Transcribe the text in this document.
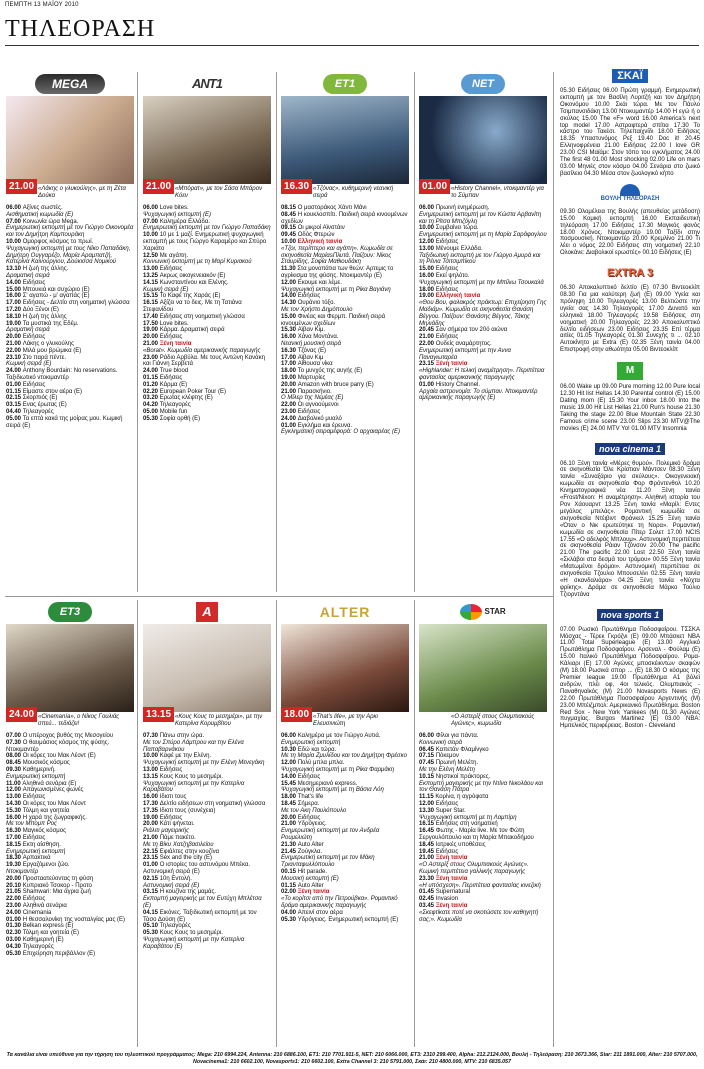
ΠΕΜΠΤΗ 13 ΜΑΪΟΥ 2010
ΤΗΛΕΟΡΑΣΗ
MEGA
21.00 «Λάκης ο γλυκούλης», με τη Ζέτα Δούκα
06.00 Αξίνες σωστές.
Αισθηματική κωμωδία (E)
07.00 Κοινωνία ώρα Mega.
Ενημερωτική εκπομπή με τον Γιώργο Οικονομέα και τον Δημήτρη Καμπουράκη
10.00 Ομορφος κόσμος το πρωί.
Ψυχαγωγική εκπομπή με τους Νίκο Παπαδάκη, Δημήτρη Ουγγαρέζο, Μαρία Αραμπατζή, Κατερίνα Καινούργιου, Δούκισσα Νομικού
13.10 Η ζωή της άλλης.
Δραματική σειρά
14.00 Ειδήσεις
15.00 Μπουκιά και συχώριο (E)
16.00 Σ' αγαπώ - μ' αγαπάς (E)
17.00 Ειδήσεις - Δελτίο στη νοηματική γλώσσα
17.20 Δύο Ξένοι (E)
18.10 Η ζωή της άλλης
19.00 Τα μυστικά της Εδέμ.
Δραματική σειρά
20.00 Ειδήσεις
21.00 Λάκης ο γλυκούλης
22.00 Μιλά μου βρώμικα (E)
23.10 Στο παρά πέντε.
Κωμική σειρά (E)
24.00 Anthony Bourdain: No reservations. Ταξιδιωτικό ντοκιμαντέρ
01.00 Ειδήσεις
01.15 Είμαστε στον αέρα (E)
02.15 Σκορπιός (E)
03.15 Ενας έρωτας (E)
04.40 Τηλεαγορές
05.00 Τα επτά κακά της μοίρας μου. Κωμική σειρά (E)
ANT1
21.00 «Μπόρατ», με τον Σάσα Μπάρον Κόεν
06.00 Love bites.
Ψυχαγωγική εκπομπή (E)
07.00 Καλημέρα Ελλάδα.
Ενημερωτική εκπομπή με τον Γιώργο Παπαδάκη
10.00 10 με 1 μαζί. Ενημερωτική ψυχαγωγική εκπομπή με τους Γιώργο Καραμέρο και Σπύρο Χαριάτο
12.50 Με αγάπη.
Κοινωνική εκπομπή με τη Μαρί Κυριακού
13.00 Ειδήσεις
13.25 Ακρως οικογενειακόν (E)
14.15 Κωνσταντίνου και Ελένης.
Κωμική σειρά (E)
15.15 Το Καφέ της Χαράς (E)
16.15 Αξίζει να το δεις. Με τη Τατιάνα Στεφανίδου
17.40 Ειδήσεις στη νοηματική γλώσσα
17.50 Love bites.
19.00 Κάρμα. Δραματική σειρά
20.00 Ειδήσεις
21.00 Ξένη ταινία
«Borat». Κωμωδία αμερικανικής παραγωγής
23.00 Ράδιο Αρβύλα. Με τους Αντώνη Κανάκη και Γιάννη Σερβετά
24.00 True blood
01.15 Ειδήσεις
01.20 Κάρμα (E)
02.20 European Poker Tour (E)
03.20 Ερωτας κλέφτης (E)
04.20 Τηλεαγορές
05.00 Mobile fun
05.30 Σοφία ορθή (E)
ΕΤ1
16.30 «Τζόνας», κυθημερινή νεανική σειρά
08.15 Ο μαστοράκος Χάντι Μάνι
08.45 Η κουκλοσπίτι. Παιδική σειρά κινουμένων σχεδίων
09.15 Οι μικροί Αϊνστάιν
09.45 Οδός Φτερών
10.00 Ελληνική ταινία
«Τζοι, περίπτερο και αγάπη». Κωμωδία σε σκηνοθεσία ΜαρίαsΠλυτά. Παίζουν: Νίκος Σταυρίδης, Σοφία Μαθιουδάκη
11.30 Στα μονοπάτια των θεών: Αρτεμις το αγρίκισμα της φύσης. Ντοκιμαντέρ (E)
12.00 Εκουμε και λέμε.
Ψυχαγωγική εκπομπή με τη Ρίκα Βαγιάνη
14.00 Ειδήσεις
14.30 Ουράνιο τόξο.
Με τον Χρήστο Δημόπουλο
15.00 Φινέας και Φερμπ. Παιδική σειρά κινουμένων σχεδίων
15.30 Αϊβαν Κιμ.
16.00 Χάνα Μοντάνα.
Νεανική μουσική σειρά
16.30 Τζόνας (E)
17.00 Αϊβαν Κιμ
17.00 Αίθουσα νίκα
18.00 Το μυνχός της αυγής (E)
19.00 Μαρτυρίες
20.00 Amazon with bruce parry (E)
21.00 Παρασκήνιο.
Ο Μίλερ της Νεμέας (E)
22.00 Οι αγνοούμενοι
23.00 Ειδήσεις
24.00 Διαβολικό μυαλό
01.00 Εγκλήμα και έρευνα.
Εγκληματική σειραμέφορά: Ο αρχαιαρέας (E)
NET
01.00 «History Channel», ντοκιμαντέρ για το Σύμπαν
06.00 Πρωινή ενημέρωση.
Ενημερωτική εκπομπή με τον Κώστα Αρβανίτη και τη Ρίτσα Μπιζόγλη
10.00 Συμβαίνει τώρα.
Ενημερωτική εκπομπή με τη Μαρία Σαράφογλου
12.00 Ειδήσεις
13.00 Μένουμε Ελλάδα.
Ταξιδιωτική εκπομπή με τον Γιώργο Αμυρά και τη Ρένια Τσιτσιμπίκου
15.00 Ειδήσεις
16.00 Εκεί ψηλότο.
Ψυχαγωγική εκπομπή με την Μπίλιω Τσουκαλά
18.00 Ειδήσεις
19.00 Ελληνική ταινία
«Θου Βου, φαλακρός πράκτωρ: Επιχείρηση Γης Μαδιάμ». Κωμωδία σε σκηνοθεσία Θανάση Βέγγου. Παίζουν: Θανάσης Βέγγος, Τάκης Μηλιάδης
20.45 Σαν σήμερα τον 20ό αιώνα
21.00 Ειδήσεις
22.00 Ουδείς αναμάρτητος.
Ενημερωτική εκπομπή με την Αννα Παναγιωταρέα
23.15 Ξένη ταινία
«Highlander: Η τελική αναμέτρηση». Περιπέτεια φαντασίας αμερικανικής παραγωγής
01.00 History Channel.
Αρχαία αστρονομία: Το σύμπαν. Ντοκιμαντέρ αμερικανικής παραγωγής (E)
ΕΤ3
24.00 «Cinemanía», ο Νίκος Γουλιάς σπεύ... τεδιάζει!
07.00 Ο υπέροχος βυθός της Μεσογείου
07.30 Ο θαυμάσιος κόσμος της φύσης. Ντοκιμαντέρ
08.00 Οι κόρες του Μακ Λέοντ (E)
08.45 Μουσικός κόσμος
09.30 Καθημερινή.
Ενημερωτική εκπομπή
11.00 Αληθινά σενάρια (E)
12.00 Απαγωνισμένες φωνές
13.00 Ειδήσεις
14.30 Οι κόρες του Μακ Λέοντ
15.30 Τόλμη και γοητεία
16.00 Η χαρά της ζωγραφικής.
Με τον Μπομπ Ρος
16.30 Μαγικός κόσμος
17.00 Ειδήσεις
18.15 Εκτη αίσθηση.
Ενημερωτική εκπομπή
18.30 Αρπακτικά
19.30 Εργαζόμενοι ζώο.
Ντοκιμαντέρ
20.00 Προσταατεύοντας τη φύση
20.10 Κυπριακό Τσοκορ - Προτο
21.05 Shamwari: Μια άγρια ζωή
22.00 Ειδήσεις
23.00 Αληθινά σενάρια
24.00 Cinemania
01.00 Η θεσσαλονίκη της νοσταλγίας μας (E)
01.30 Belkan express (E)
02.30 Τόλμη και γοητεία (E)
03.00 Καθημερινή (E)
04.30 Τηλεαγορές
05.30 Επιχείρηση περιβάλλον (E)
A
13.15 «Κους Κους το μεσημέρι», με την Κατερίνα Κορυμβίτου
07.30 Πάνω στην ώρα.
Με τον Σπύρο Λάμπρου και την Ελένα Παπαβαρνάκου
10.00 Καφέ με την Ελένη.
Ψυχαγωγική εκπομπή με την Ελένη Μενεγάκη
13.00 Ειδήσεις
13.15 Κους Κους το μεσημέρι.
Ψυχαγωγική εκπομπή με την Κατερίνα Καραβάτου
16.00 Ιδιοτι τους
17.30 Δελτίο ειδήσεων στη νοηματική γλώσσα
17.35 Ιδιοτι τους (συνέχεια)
19.00 Ειδήσεις
20.00 Κάτι ψήνεται.
Ριάλιτι μαγειρικής
21.00 Πάμε πακέτο.
Με τη Βίκυ Χατζηβασιλείου
22.15 Εφιάλτες στην κουζίνα
23.15 Sex and the city (E)
01.00 Ο ιστορίες του αστυνόμου Μπέκα. Αστυνομική σειρά (E)
02.15 10η Εντολή.
Αστυνομική σειρά (E)
03.15 Η κουζίνα της μαμάς.
Εκπομπή μαγειρικής με τον Ευτύχη Μπλέτσα (E)
04.15 Εικόνες. Ταξιδιωτική εκπομπή με τον Τάσο Δούση (E)
05.10 Τηλεαγορές
05.30 Κους Κους το μεσημέρι.
Ψυχαγωγική εκπομπή με την Κατερίνα Καραβάτου (E)
ALTER
18.00 «That's life», με την Αρκι Ελευσινιώτη
06.00 Καλημέρα με τον Γιώργο Αυτιά.
Ενημερωτική εκπομπή
10.30 Εδώ και τώρα.
Με τη Μαρία Ζμυλίδου και τον Δημήτρη Φρέσκο
12.00 Πολύ μπλα μπλα.
Ψυχαγωγική εκπομπή με τη Ρίκα Φαρμάκη
14.00 Ειδήσεις
15.45 Μεσημεριανό express.
Ψυχαγωγική εκπομπή με τη Βάσια Λόη
18.00 That's life
18.45 Σήμερα.
Με τον Ακη Παυλόπουλο
20.00 Ειδήσεις
21.00 Υδρόγειος.
Ενημερωτική εκπομπή με τον Ανδρέα Ρουμελιώτη
21.30 Auto Alter
21.45 Ζούγκλα.
Ενημερωτική εκπομπή με τον Μάκη Τριανταφυλλόπουλο
00.15 Hit parade.
Μουσική εκπομπή (E)
01.15 Auto Alter
02.00 Ξένη ταινία
«Το κορίτσι από την Πετρούβκα». Ρομαντικό δράμα αμερικανικής παραγωγής
04.00 Απεινί στον αέρα
05.30 Υδρόγειος. Ενημερωτική εκπομπή (E)
STAR
«Ο Αστερίξ στους Ολυμπιακούς Αγώνες», κωμωδία
06.00 Φίλοι για πάντα.
Κοινωνική σειρά
06.45 Καπετάν Φλαμίνγκο
07.15 Πόκεμον
07.45 Πρωινή Μελέτη.
Με την Ελένη Μελέτη
10.15 Νηστικοί πράκτορες.
Εκπομπή μαγειρικής με την Ντίνα Νικολάου και τον Θανάση Πάτρα
11.15 Κορίνα, η αγρόφατα
12.00 Ειδήσεις
13.30 Super Star.
Ψυχαγωγική εκπομπή με τη Λαμπίρη
16.15 Ειδήσεις στη νοηματική
16.45 Φωτης - Μαρία live. Με τον Φώτη Σεργουλόπουλο και τη Μαρία Μπακοδήμου
18.45 Ιατρικές υποθέσεις
19.45 Ειδήσεις
21.00 Ξένη ταινία
«Ο Αστερίξ στους Ολυμπιακούς Αγώνες». Κωμική περιπέτεια γαλλικής παραγωγής
23.30 Ξένη ταινία
«Η υπόσχεση». Περιπέτεια φαντασίας κινεζική
01.45 Supernatural
02.45 Invasion
03.45 Ξένη ταινία
«Σκεφτίκατε ποτέ να σκοτώσετε τον καθηγητή σας;». Κωμωδία
ΣΚΑΪ
05.30 Ειδήσεις 06.00 Πρώτη γραμμή. Ενημερωτική εκπομπή με τον Βασίλη Λυριτζή και τον Δημήτρη Οικονόμου 10.00 Σκάι τώρα. Με τον Πάυλο Τσιμπανσιδάκη 13.00 Ντοκυμαντέρ 14.00 Η εγώ ή ο σκύλος 15.00 The «F» word 16.00 America's next top model 17.00 Αστραφτερά σπίτια 17.30 Το κάστρο του Τακέσι. Τηλεπαιχνίδι 18.00 Ειδήσεις 18.35 Υπαστυνόμος Ρεξ 19.40 Doc it! 20.45 Ελληνοφρένεια 21.00 Ειδήσεις 22.00 I love GR 23.00 CSI Μαϊάμι: Στον τόπο του εγκλήματος 24.00 The first 48 01.00 Most shocking 02.00 Life on mars 03.00 Μηνιές στον κόσμο 04.00 Σενάρια στο ζωικό βασίλειο 04.30 Μέσα στον ζωολογικό κήπο
ΒΟΥΛΗ ΤΗΛΕΟΡΑΣΗ
09.30 Ολομέλεια της Βουλής (απευθείας μετάδοση) 15.00 Κομική εκπομπή 16.00 Εκπαιδευτική τηλεόραση 17.00 Ειδήσεις 17.30 Μαγικός φανός 18.00 Χρόνος. Ντοκιμαντέρ 19.00 Ταξίδι στην ποσμουσική. Ντοκιμαντέρ 20.00 Κρεμλίνο 21.00 Τι λέει ο νόμος 22.00 Ειδήσεις στη νοηματική 22.10 Ολοκάνε: Διαβολικοί ερωστές» 00.10 Ειδήσεις (E)
EXTRA 3
06.30 Αποκαλυπτικό δελτίο (E) 07.30 Βιντεοκλίπ 08.30 Για μια καλύτερη ζωή (E) 09.00 Υγεία και πρόληψη 10.00 Τηλεαγορές 13.00 Βελτιώστε την υγεία σας 14.30 Τηλεαγορές 17.00 Δυνατό και ελληνικά 18.00 Τηλεαγορές 19.58 Ειδήσεις στη νοηματική 20.00 Τηλεαγορές 22.30 Αποκαλυπτικό δελτίο ειδήσεων 23.00 Ειδήσεις 23.35 Επί τέρμα αιτίες 01.05 Τηλεαγορές 01.30 Συνεχής τι ... 02.10 Αυτοκίνητο με Extra (E) 02.35 Ξένη ταινία 04.00 Επιστροφή στην αθωότητα 05.00 Βιντεοκλίπ
M
06.00 Wake up 09.00 Pure morning 12.00 Pure local 12.30 Hit list Hellas 14.30 Parental control (E) 15.00 Dating mom (E) 15.30 Your inbox 18.00 Into the music 19.00 Hit List Hellas 21.00 Run's house 21.30 Taking the stage 22.00 Blue Mountain State 22.30 Famous crime scene 23.00 Slips 23.30 MTV@The movies (E) 24.00 MTV Yo! 01.00 MTV Insomnia
nova cinema 1
06.10 Ξένη ταινία «Μέρες θυμού». Πολεμικό δράμα σε σκηνοθεσία Όλε Κρίστιαν Μάντσεν 08.30 Ξένη ταινία «Συναξάριο για σκύλους». Οικογενειακή κωμωδία σε σκηνοθεσία Φορ Φρόντενθολ 10.20 Κινηματογραφικά νέα 11.20 Ξένη ταινία «Frost/Nixon: Η αναμέτρηση». Αληθινή ιστορία του Ρον Χάουαρντ 13.25 Ξένη ταινία «Μαρίλ: Εντες μεγάλος μπελάς». Ρομαντική κωμωδία σε σκηνοθεσία Ντέιβιντ Φράνκελ 15.25 Ξένη ταινία «Όταν ο Νικ ερωτεύτηκε τη Νορα». Ρομαντική κωμωδία σε σκηνοθεσία Πίτερ Σολετ 17.00 NCIS 17.55 «Ο αδελφός Μπλουμ». Αστυνομική περιπέτεια σε σκηνοθεσία Ράιαν Τζόνσον 20.00 The pacific 21.00 The pacific 22.00 Lost 22.50 Ξένη ταινία «Σκλάβοι στα δεσμά του τρόμου» 00.55 Ξένη ταινία «Ματωμένοι δρόμοι». Αστυνομική περιπέτεια σε σκηνοθεσία Τζουλιο Μπουσελίνι 02.55 Ξένη ταινία «Η σκανδαλιάρα» 04.25 Ξένη ταινία «Νύχτα φρίκης». Δράμα σε σκηνοθεσία Μάρκο Τούλιο Τζιορντάνα
nova sports 1
07.00 Ρωσικό Πρωτάθλημα Ποδοσφαίρου. ΤΣΣΚΑ Μόσχας - Τέρεκ Γκρόζνι (E) 09.00 Μπάσκετ NBA 11.00 Total Superleague (E) 13.00 Αγγλικό Πρωτάθλημα Ποδοσφαίρου. Αρσεναλ - Φούλαμ (E) 15.00 Ιταλικό Πρωτάθλημα Ποδοσφαίρου. Ρομα-Κάλιαρι (E) 17.00 Αγώνες μποσκέικντων σκαφών (M) 18.00 Ρωσικά σπορ ... (E) 18.30 Ο κόσμος της Premier league 19.00 Πρωτάθλημα Α1 βόλεϊ ανδρών, πλέι οφ, 4οι τελικός. Ολυμπιακός - Παναθηναϊκός (M) 21.00 Novasports News (E) 22.00 Πρωτάθλημα Ποσοσφαίρου Αργεντινής (M) 23.00 Μπέιζμπολ: Αμερικανικό Πρωτάθλημα. Boston Red Sox - New York Yankees (M) 01.30 Αγώνες πυγμαχίας. Burgos Martinez (E) 03.00 NBA: Ημιτελικός περιφέρειας. Boston - Cleveland
Τα κανάλια είναι υπεύθυνα για την τήρηση του τηλεοπτικού προγράμματος: Mega: 210 6994.224, Antenna: 210 6886.100, ΕΤ1: 210 7701.911-5, ΝΕΤ: 210 6066.000, ΕΤ3: 2310 299.400, Alpha: 212.2124.000, Βουλή - Τηλεόραση: 210 3673.366, Star: 211 1891.000, Alter: 210 5707.000, Novacinema1: 210 6602.100, Novasports1: 210 6602.100, Extra Channel 3: 210 5791.000, Σκάι: 210 4800.000, MTV: 210 6835.057
